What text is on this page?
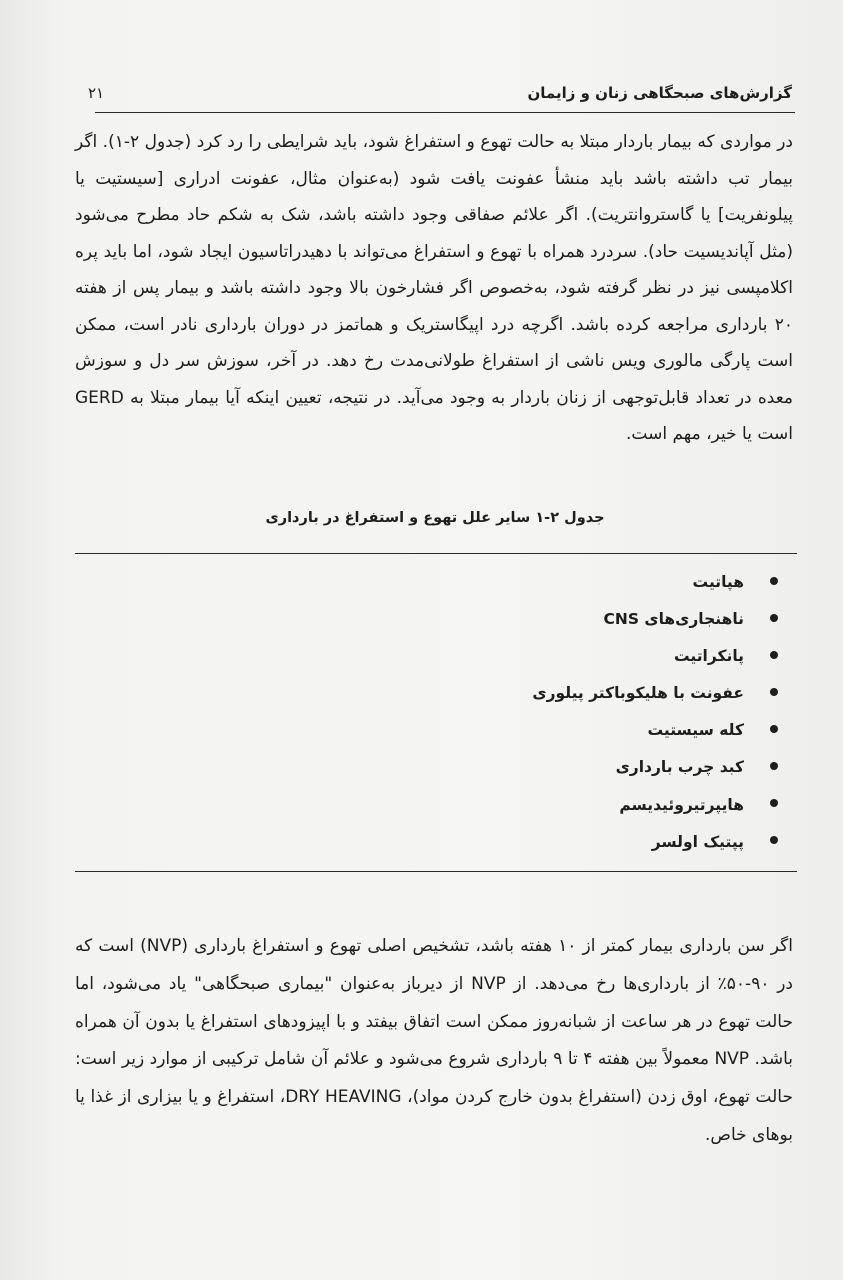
گزارش‌های صبحگاهی زنان و زایمان
۲۱

در مواردی که بیمار باردار مبتلا به حالت تهوع و استفراغ شود، باید شرایطی را رد کرد (جدول ۲-۱). اگر بیمار تب داشته باشد باید منشأ عفونت یافت شود (به‌عنوان مثال، عفونت ادراری [سیستیت یا پیلونفریت] یا گاستروانتریت). اگر علائم صفاقی وجود داشته باشد، شک به شکم حاد مطرح می‌شود (مثل آپاندیسیت حاد). سردرد همراه با تهوع و استفراغ می‌تواند با دهیدراتاسیون ایجاد شود، اما باید پره اکلامپسی نیز در نظر گرفته شود، به‌خصوص اگر فشارخون بالا وجود داشته باشد و بیمار پس از هفته ۲۰ بارداری مراجعه کرده باشد. اگرچه درد اپیگاستریک و هماتمز در دوران بارداری نادر است، ممکن است پارگی مالوری ویس ناشی از استفراغ طولانی‌مدت رخ دهد. در آخر، سوزش سر دل و سوزش معده در تعداد قابل‌توجهی از زنان باردار به وجود می‌آید. در نتیجه، تعیین اینکه آیا بیمار مبتلا به GERD است یا خیر، مهم است.

جدول ۲-۱ سایر علل تهوع و استفراغ در بارداری
هپاتیت
ناهنجاری‌های CNS
پانکراتیت
عفونت با هلیکوباکتر پیلوری
کله سیستیت
کبد چرب بارداری
هایپرتیروئیدیسم
پپتیک اولسر

اگر سن بارداری بیمار کمتر از ۱۰ هفته باشد، تشخیص اصلی تهوع و استفراغ بارداری (NVP) است که در ۹۰-۵۰٪ از بارداری‌ها رخ می‌دهد. از NVP از دیرباز به‌عنوان "بیماری صبحگاهی" یاد می‌شود، اما حالت تهوع در هر ساعت از شبانه‌روز ممکن است اتفاق بیفتد و با اپیزودهای استفراغ یا بدون آن همراه باشد. NVP معمولاً بین هفته ۴ تا ۹ بارداری شروع می‌شود و علائم آن شامل ترکیبی از موارد زیر است: حالت تهوع، اوق زدن (استفراغ بدون خارج کردن مواد)، DRY HEAVING، استفراغ و یا بیزاری از غذا یا بوهای خاص.
